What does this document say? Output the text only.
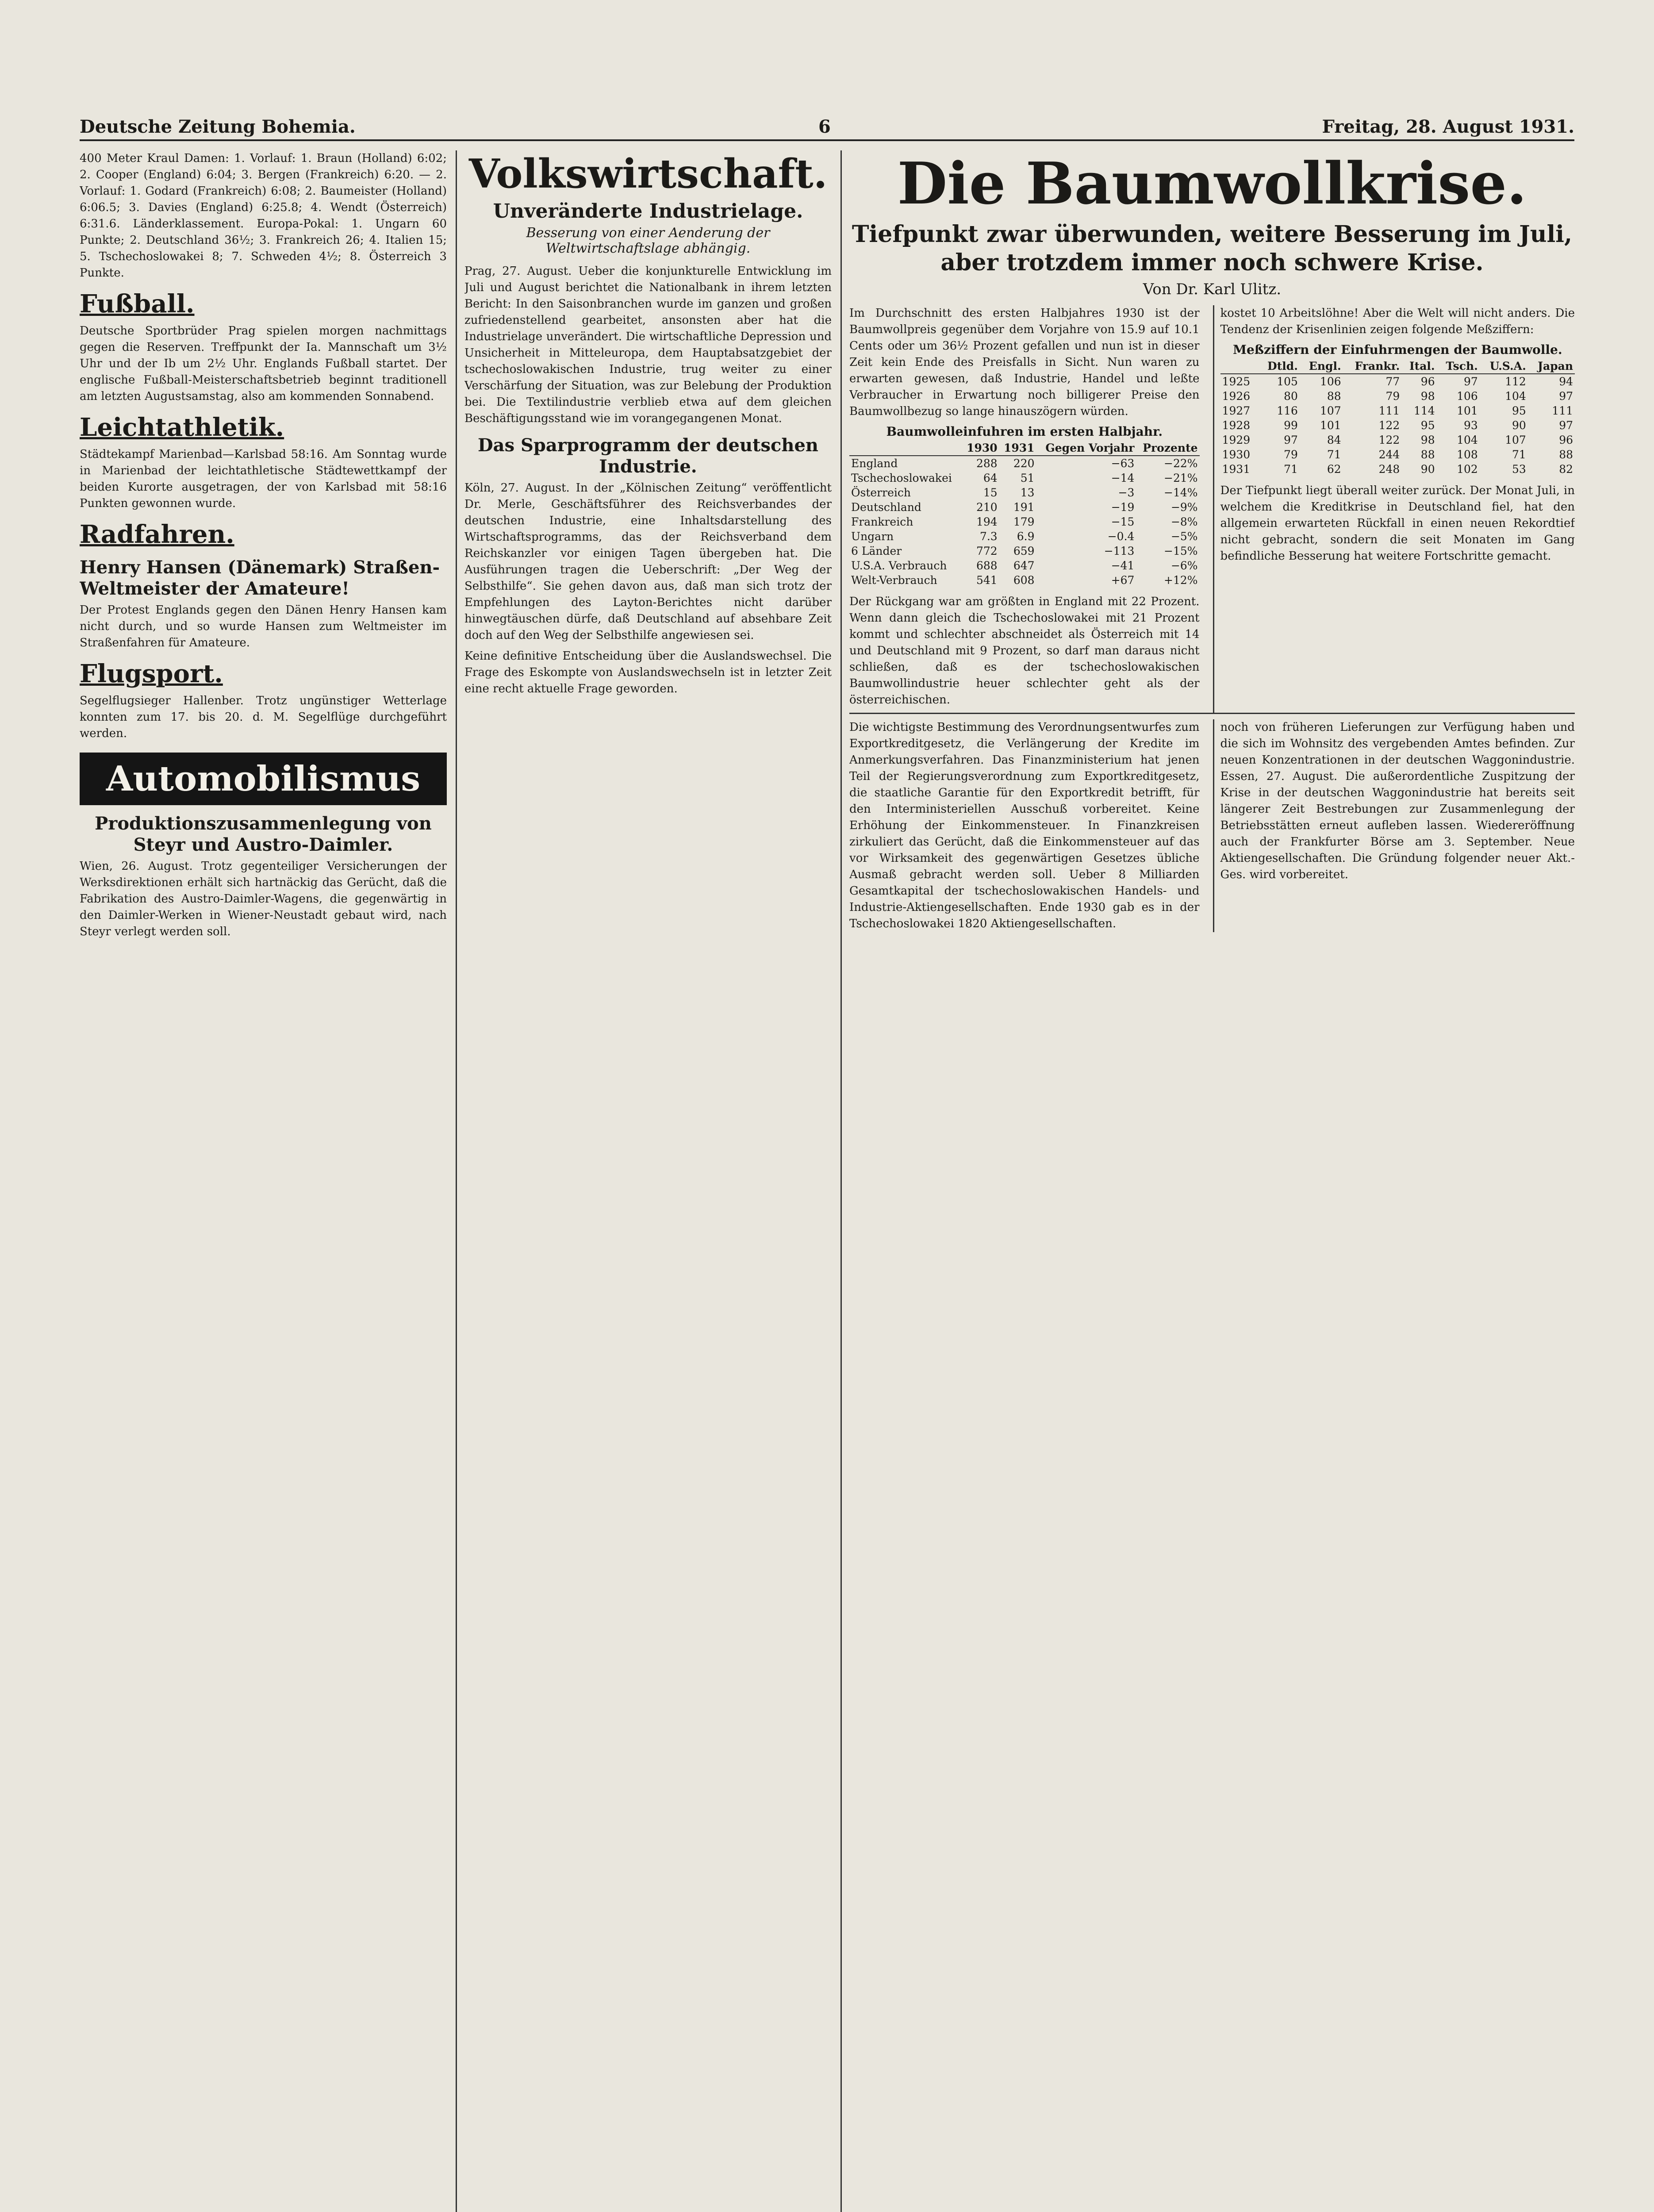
Deutsche Zeitung Bohemia.	6	Freitag, 28. August 1931.

400 Meter Kraul Damen: 1. Vorlauf: 1. Braun (Holland) 6:02; 2. Cooper (England) 6:04; 3. Bergen (Frankreich) 6:20. — 2. Vorlauf: 1. Godard (Frankreich) 6:08; 2. Baumeister (Holland) 6:06.5; 3. Davies (England) 6:25.8; 4. Wendt (Österreich) 6:31.6. Länderklassement. Europa-Pokal: 1. Ungarn 60 Punkte; 2. Deutschland 36½; 3. Frankreich 26; 4. Italien 15; 5. Tschechoslowakei 8; 7. Schweden 4½; 8. Österreich 3 Punkte.

Fußball.

Deutsche Sportbrüder Prag spielen morgen nachmittags gegen die Reserven. Treffpunkt der Ia. Mannschaft um 3½ Uhr und der Ib um 2½ Uhr. Englands Fußball startet. Der englische Fußball-Meisterschaftsbetrieb beginnt traditionell am letzten Augustsamstag, also am kommenden Sonnabend.

Leichtathletik.

Städtekampf Marienbad—Karlsbad 58:16. Am Sonntag wurde in Marienbad der leichtathletische Städtewettkampf der beiden Kurorte ausgetragen, der von Karlsbad mit 58:16 Punkten gewonnen wurde.

Radfahren.
Henry Hansen (Dänemark) Straßen-Weltmeister der Amateure!

Der Protest Englands gegen den Dänen Henry Hansen kam nicht durch, und so wurde Hansen zum Weltmeister im Straßenfahren für Amateure.

Flugsport.

Segelflugsieger Hallenber. Trotz ungünstiger Wetterlage konnten zum 17. bis 20. d. M. Segelflüge durchgeführt werden.

Automobilismus
Produktionszusammenlegung von Steyr und Austro-Daimler.

Wien, 26. August. Trotz gegenteiliger Versicherungen der Werksdirektionen erhält sich hartnäckig das Gerücht, daß die Fabrikation des Austro-Daimler-Wagens, die gegenwärtig in den Daimler-Werken in Wiener-Neustadt gebaut wird, nach Steyr verlegt werden soll.

Volkswirtschaft.
Unveränderte Industrielage.
Besserung von einer Aenderung der Weltwirtschaftslage abhängig.

Prag, 27. August. Ueber die konjunkturelle Entwicklung im Juli und August berichtet die Nationalbank in ihrem letzten Bericht: In den Saisonbranchen wurde im ganzen und großen zufriedenstellend gearbeitet, ansonsten aber hat die Industrielage unverändert. Die wirtschaftliche Depression und Unsicherheit in Mitteleuropa, dem Hauptabsatzgebiet der tschechoslowakischen Industrie, trug weiter zu einer Verschärfung der Situation, was zur Belebung der Produktion bei. Die Textilindustrie verblieb etwa auf dem gleichen Beschäftigungsstand wie im vorangegangenen Monat.

Das Sparprogramm der deutschen Industrie.

Köln, 27. August. In der „Kölnischen Zeitung“ veröffentlicht Dr. Merle, Geschäftsführer des Reichsverbandes der deutschen Industrie, eine Inhaltsdarstellung des Wirtschaftsprogramms, das der Reichsverband dem Reichskanzler vor einigen Tagen übergeben hat. Die Ausführungen tragen die Ueberschrift: „Der Weg der Selbsthilfe“. Sie gehen davon aus, daß man sich trotz der Empfehlungen des Layton-Berichtes nicht darüber hinwegtäuschen dürfe, daß Deutschland auf absehbare Zeit doch auf den Weg der Selbsthilfe angewiesen sei.

Keine definitive Entscheidung über die Auslandswechsel. Die Frage des Eskompte von Auslandswechseln ist in letzter Zeit eine recht aktuelle Frage geworden.

Die Baumwollkrise.
Tiefpunkt zwar überwunden, weitere Besserung im Juli, aber trotzdem immer noch schwere Krise.
Von Dr. Karl Ulitz.

Im Durchschnitt des ersten Halbjahres 1930 ist der Baumwollpreis gegenüber dem Vorjahre von 15.9 auf 10.1 Cents oder um 36½ Prozent gefallen und nun ist in dieser Zeit kein Ende des Preisfalls in Sicht. Nun waren zu erwarten gewesen, daß Industrie, Handel und leßte Verbraucher in Erwartung noch billigerer Preise den Baumwollbezug so lange hinauszögern würden.

Baumwolleinfuhren im ersten Halbjahr.
	1930	1931	Gegen Vorjahr	Prozente
England	288	220	−63	−22%
Tschechoslowakei	64	51	−14	−21%
Österreich	15	13	−3	−14%
Deutschland	210	191	−19	−9%
Frankreich	194	179	−15	−8%
Ungarn	7.3	6.9	−0.4	−5%
6 Länder	772	659	−113	−15%
U.S.A. Verbrauch	688	647	−41	−6%
Welt-Verbrauch	541	608	+67	+12%

Der Rückgang war am größten in England mit 22 Prozent. Wenn dann gleich die Tschechoslowakei mit 21 Prozent kommt und schlechter abschneidet als Österreich mit 14 und Deutschland mit 9 Prozent, so darf man daraus nicht schließen, daß es der tschechoslowakischen Baumwollindustrie heuer schlechter geht als der österreichischen.

kostet 10 Arbeitslöhne! Aber die Welt will nicht anders. Die Tendenz der Krisenlinien zeigen folgende Meßziffern:

Meßziffern der Einfuhrmengen der Baumwolle.
	Dtld.	Engl.	Frankr.	Ital.	Tsch.	U.S.A.	Japan
1925	105	106	77	96	97	112	94
1926	80	88	79	98	106	104	97
1927	116	107	111	114	101	95	111
1928	99	101	122	95	93	90	97
1929	97	84	122	98	104	107	96
1930	79	71	244	88	108	71	88
1931	71	62	248	90	102	53	82

Der Tiefpunkt liegt überall weiter zurück. Der Monat Juli, in welchem die Kreditkrise in Deutschland fiel, hat den allgemein erwarteten Rückfall in einen neuen Rekordtief nicht gebracht, sondern die seit Monaten im Gang befindliche Besserung hat weitere Fortschritte gemacht.

Die wichtigste Bestimmung des Verordnungsentwurfes zum Exportkreditgesetz, die Verlängerung der Kredite im Anmerkungsverfahren. Das Finanzministerium hat jenen Teil der Regierungsverordnung zum Exportkreditgesetz, die staatliche Garantie für den Exportkredit betrifft, für den Interministeriellen Ausschuß vorbereitet. Keine Erhöhung der Einkommensteuer. In Finanzkreisen zirkuliert das Gerücht, daß die Einkommensteuer auf das vor Wirksamkeit des gegenwärtigen Gesetzes übliche Ausmaß gebracht werden soll. Ueber 8 Milliarden Gesamtkapital der tschechoslowakischen Handels- und Industrie-Aktiengesellschaften. Ende 1930 gab es in der Tschechoslowakei 1820 Aktiengesellschaften.

noch von früheren Lieferungen zur Verfügung haben und die sich im Wohnsitz des vergebenden Amtes befinden. Zur neuen Konzentrationen in der deutschen Waggonindustrie. Essen, 27. August. Die außerordentliche Zuspitzung der Krise in der deutschen Waggonindustrie hat bereits seit längerer Zeit Bestrebungen zur Zusammenlegung der Betriebsstätten erneut aufleben lassen. Wiedereröffnung auch der Frankfurter Börse am 3. September. Neue Aktiengesellschaften. Die Gründung folgender neuer Akt.-Ges. wird vorbereitet.
